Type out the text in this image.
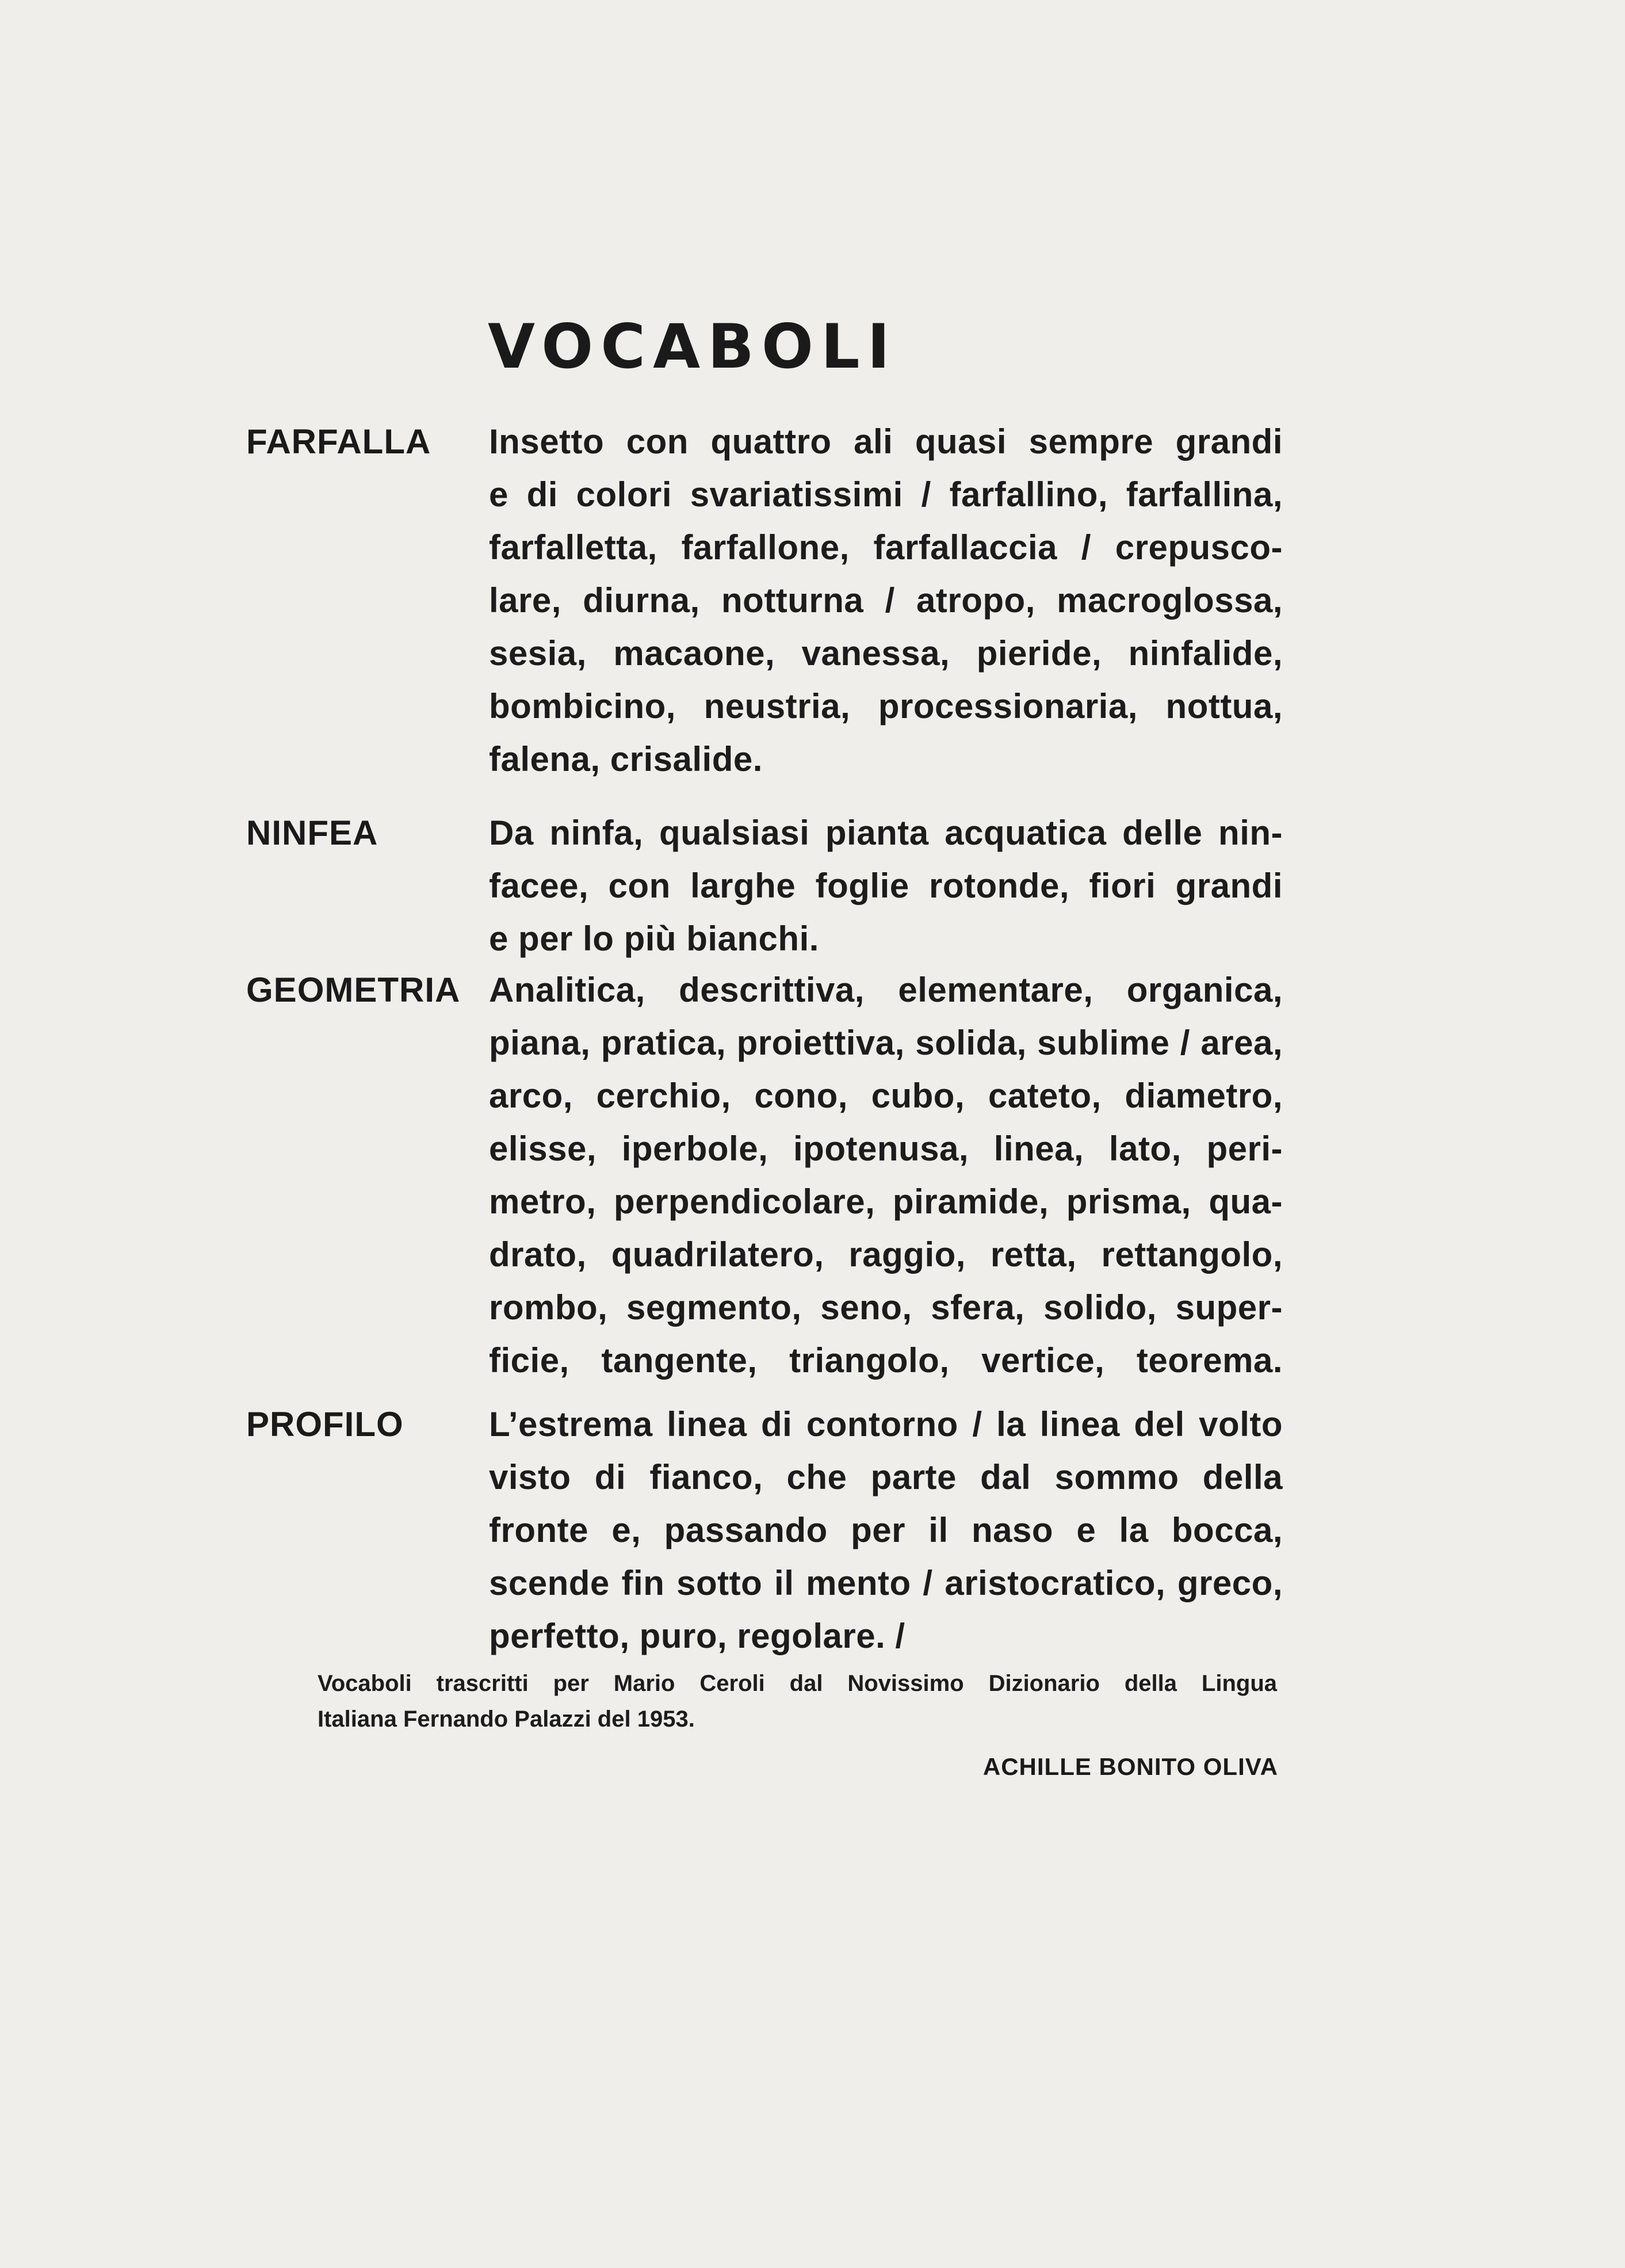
VOCABOLI
FARFALLA Insetto con quattro ali quasi sempre grandi
e di colori svariatissimi / farfallino, farfallina,
farfalletta, farfallone, farfallaccia / crepusco-
lare, diurna, notturna / atropo, macroglossa,
sesia, macaone, vanessa, pieride, ninfalide,
bombicino, neustria, processionaria, nottua,
falena, crisalide.
NINFEA	Da ninfa, qualsiasi pianta acquatica delle nin-
facee, con larghe foglie rotonde, fiori grandi
e per lo più bianchi.
GEOMETRIA Analitica, descrittiva, elementare, organica,
piana, pratica, proiettiva, solida, sublime / area,
arco, cerchio, cono, cubo, cateto, diametro,
elisse, iperbole, ipotenusa, linea, lato, peri-
metro, perpendicolare, piramide, prisma, qua-
drato, quadrilatero, raggio, retta, rettangolo,
rombo, segmento, seno, sfera, solido, super-
ficie, tangente, triangolo, vertice, teorema.
PROFILO L’estrema linea di contorno / la linea del volto
visto di fianco, che parte dal sommo della
fronte e, passando per il naso e la bocca,
scende fin sotto il mento / aristocratico, greco,
perfetto, puro, regolare. /
Vocaboli trascritti per Mario Ceroli dal Novissimo Dizionario della Lingua
Italiana Fernando Palazzi del 1953.
ACHILLE BONITO OLIVA
